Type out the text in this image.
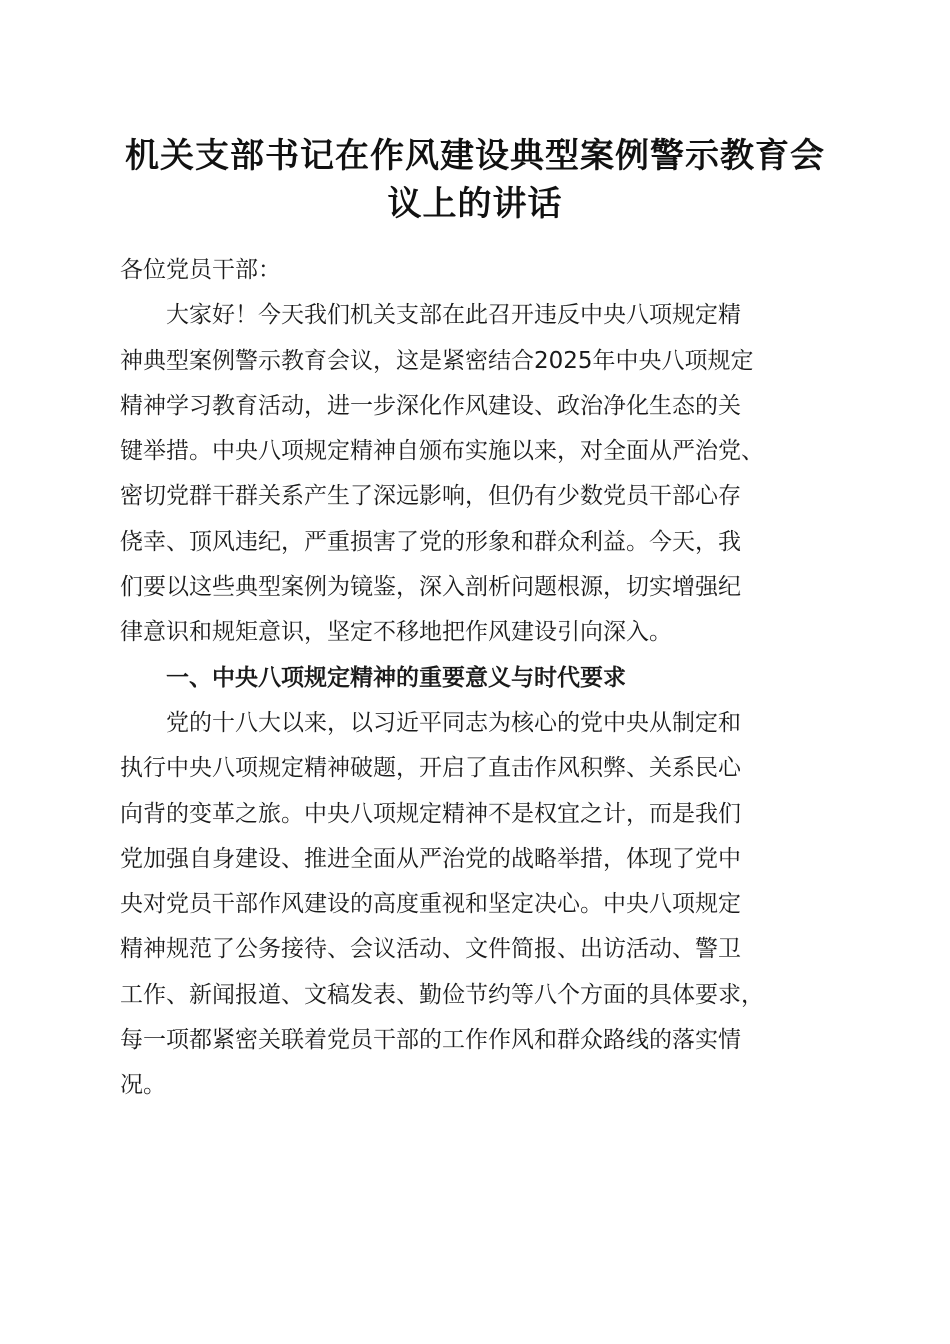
机关支部书记在作风建设典型案例警示教育会
议上的讲话
各位党员干部：
　　大家好！今天我们机关支部在此召开违反中央八项规定精
神典型案例警示教育会议，这是紧密结合2025年中央八项规定
精神学习教育活动，进一步深化作风建设、政治净化生态的关
键举措。中央八项规定精神自颁布实施以来，对全面从严治党、
密切党群干群关系产生了深远影响，但仍有少数党员干部心存
侥幸、顶风违纪，严重损害了党的形象和群众利益。今天，我
们要以这些典型案例为镜鉴，深入剖析问题根源，切实增强纪
律意识和规矩意识，坚定不移地把作风建设引向深入。
　　一、中央八项规定精神的重要意义与时代要求
　　党的十八大以来，以习近平同志为核心的党中央从制定和
执行中央八项规定精神破题，开启了直击作风积弊、关系民心
向背的变革之旅。中央八项规定精神不是权宜之计，而是我们
党加强自身建设、推进全面从严治党的战略举措，体现了党中
央对党员干部作风建设的高度重视和坚定决心。中央八项规定
精神规范了公务接待、会议活动、文件简报、出访活动、警卫
工作、新闻报道、文稿发表、勤俭节约等八个方面的具体要求，
每一项都紧密关联着党员干部的工作作风和群众路线的落实情
况。
